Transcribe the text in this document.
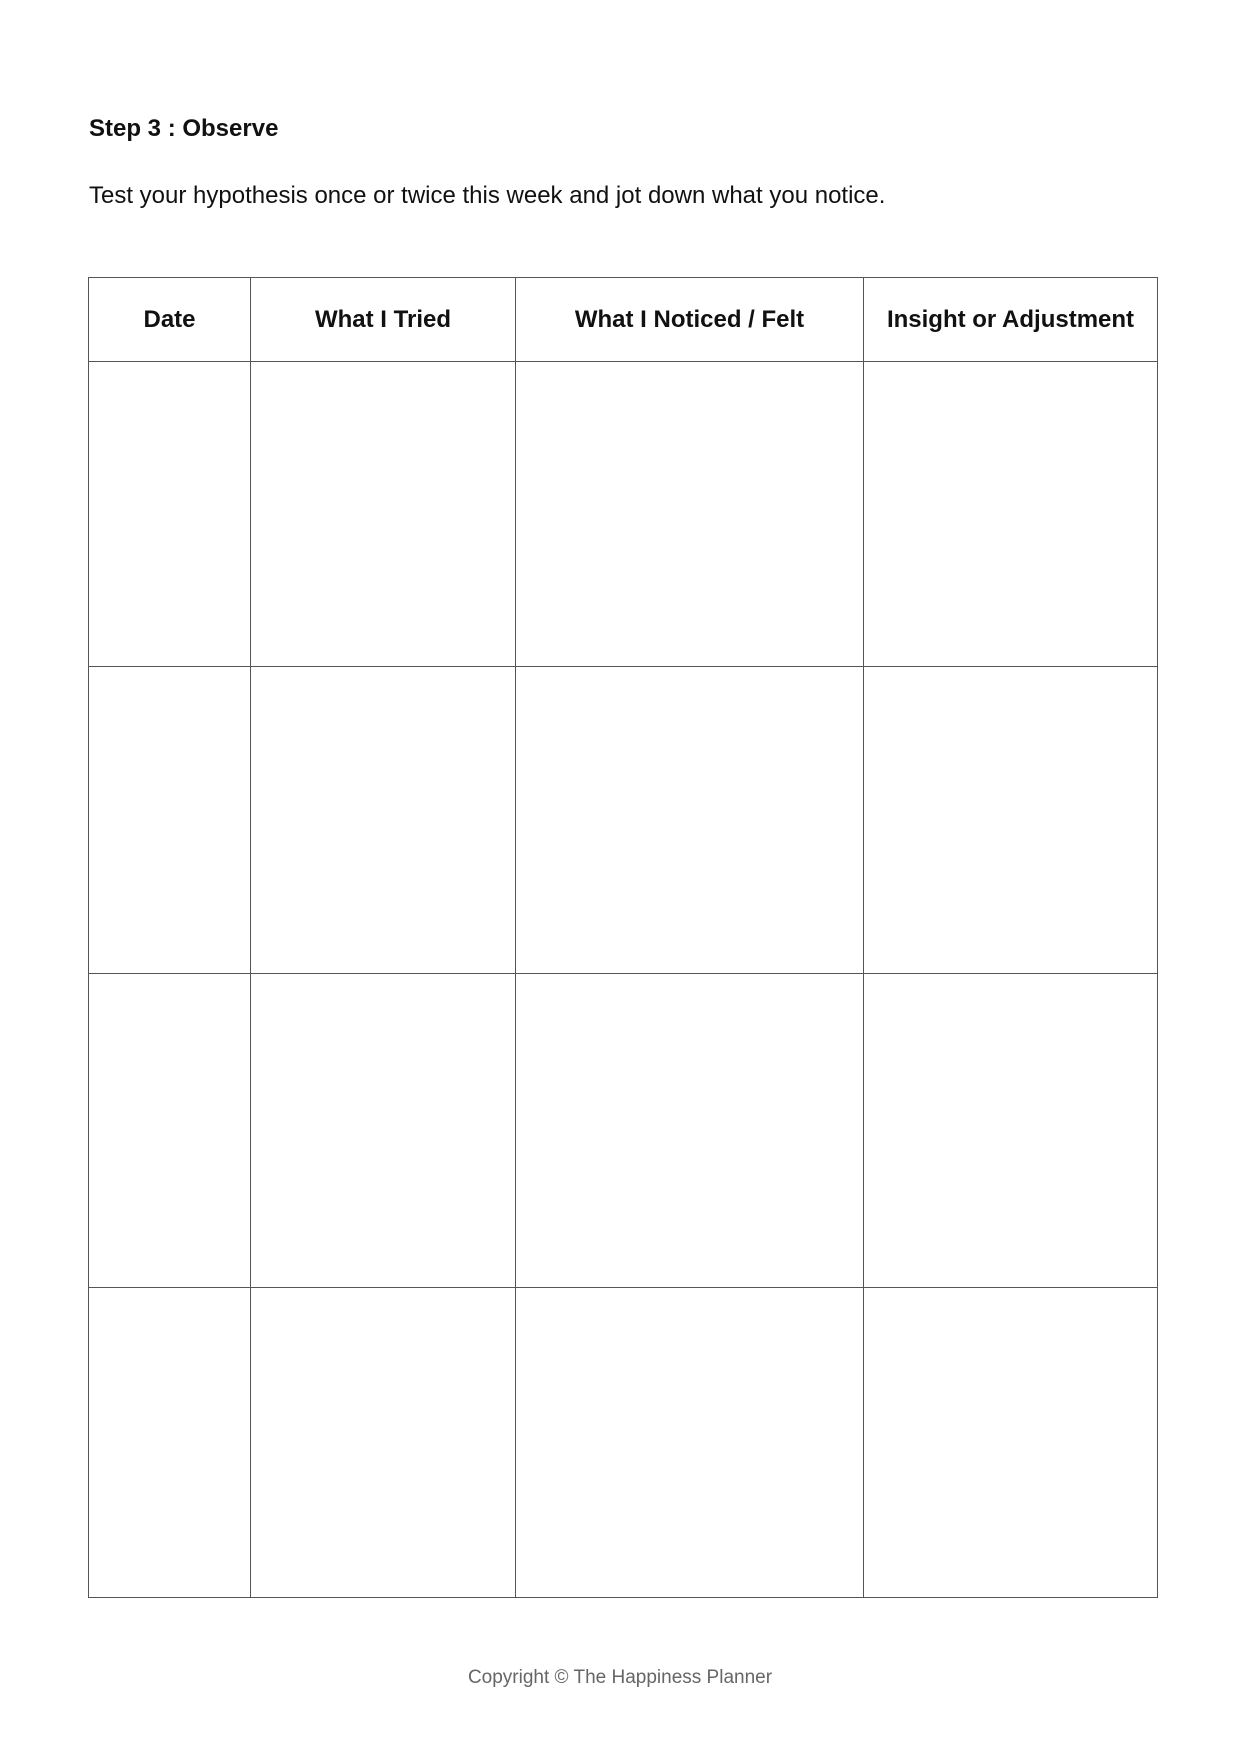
Step 3 : Observe

Test your hypothesis once or twice this week and jot down what you notice.

Date	What I Tried	What I Noticed / Felt	Insight or Adjustment

Copyright © The Happiness Planner
